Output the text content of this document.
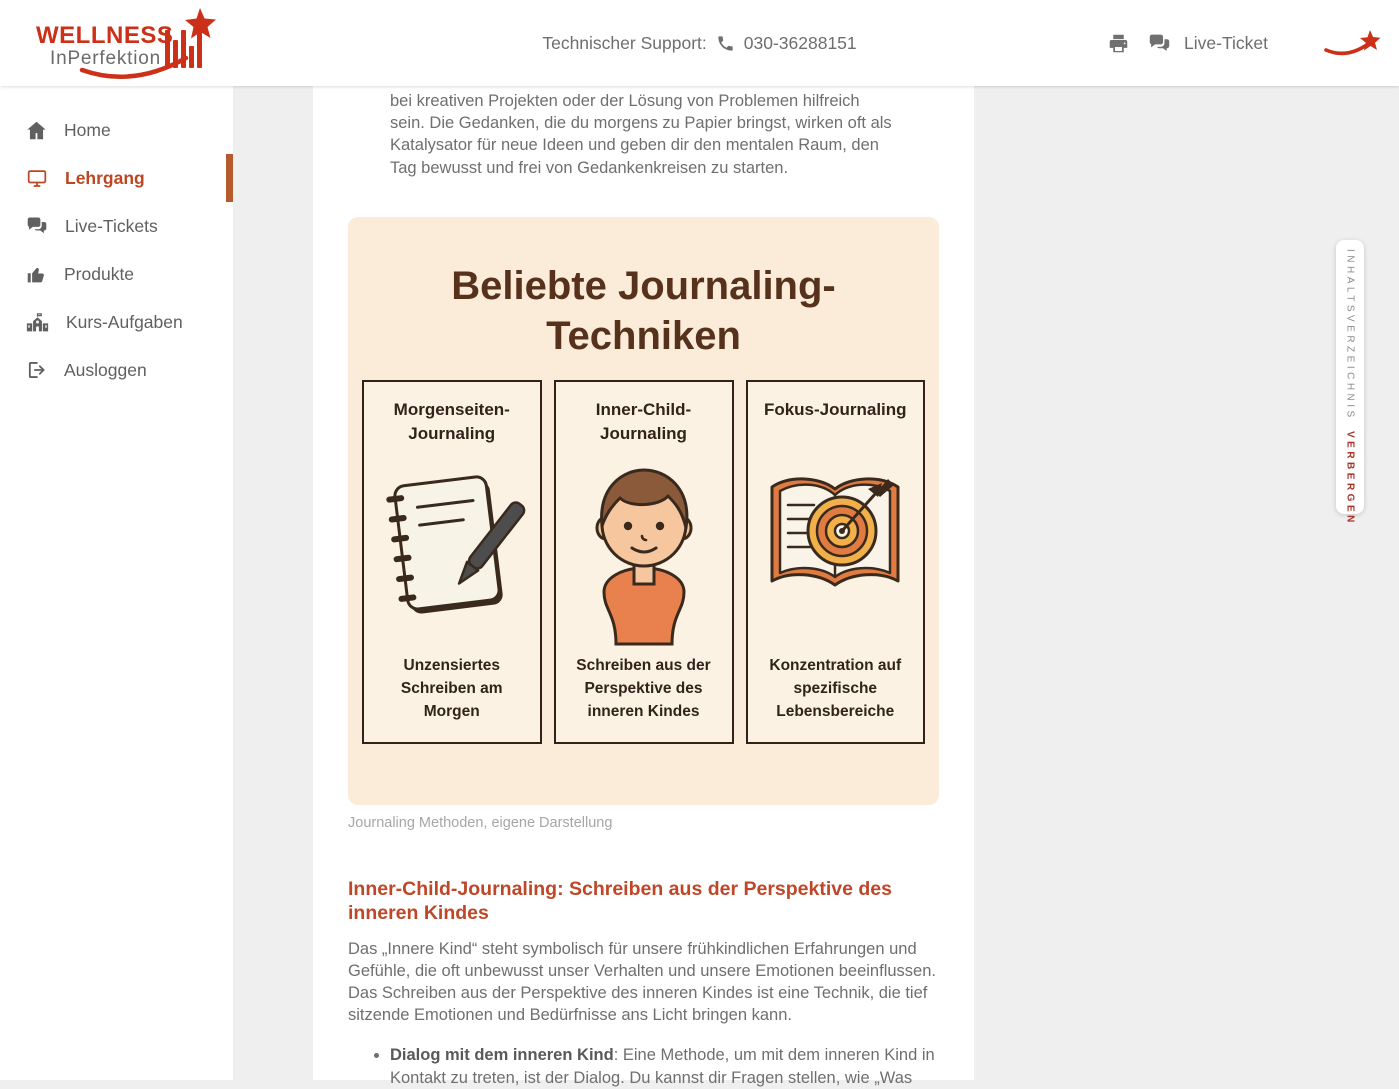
WELLNESS
InPerfektion
Technischer Support: 030-36288151	Live-Ticket
Home
Lehrgang
Live-Tickets
Produkte
Kurs-Aufgaben
Ausloggen

bei kreativen Projekten oder der Lösung von Problemen hilfreich sein. Die Gedanken, die du morgens zu Papier bringst, wirken oft als Katalysator für neue Ideen und geben dir den mentalen Raum, den Tag bewusst und frei von Gedankenkreisen zu starten.

Beliebte Journaling-Techniken
Morgenseiten-Journaling
Unzensiertes Schreiben am Morgen
Inner-Child-Journaling
Schreiben aus der Perspektive des inneren Kindes
Fokus-Journaling
Konzentration auf spezifische Lebensbereiche
Journaling Methoden, eigene Darstellung
Inner-Child-Journaling: Schreiben aus der Perspektive des inneren Kindes

Das „Innere Kind“ steht symbolisch für unsere frühkindlichen Erfahrungen und Gefühle, die oft unbewusst unser Verhalten und unsere Emotionen beeinflussen. Das Schreiben aus der Perspektive des inneren Kindes ist eine Technik, die tief sitzende Emotionen und Bedürfnisse ans Licht bringen kann.

• Dialog mit dem inneren Kind: Eine Methode, um mit dem inneren Kind in Kontakt zu treten, ist der Dialog. Du kannst dir Fragen stellen, wie „Was
INHALTSVERZEICHNIS
VERBERGEN
